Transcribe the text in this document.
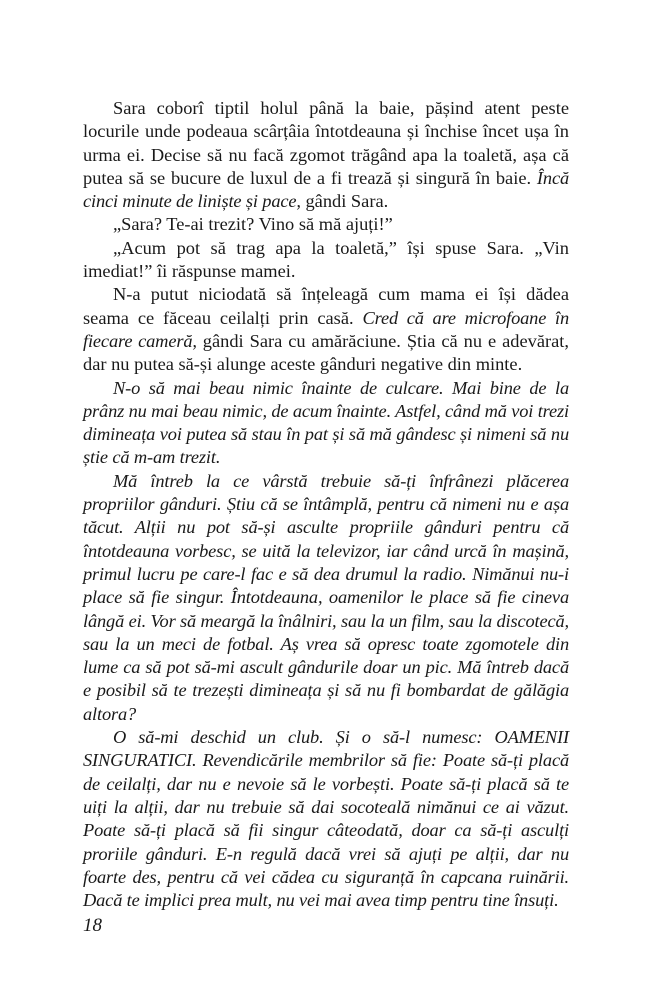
Sara coborî tiptil holul până la baie, pășind atent peste locurile unde podeaua scârțâia întotdeauna și închise încet ușa în urma ei. Decise să nu facă zgomot trăgând apa la toaletă, așa că putea să se bucure de luxul de a fi trează și singură în baie. Încă cinci minute de liniște și pace, gândi Sara.

„Sara? Te-ai trezit? Vino să mă ajuți!”

„Acum pot să trag apa la toaletă,” își spuse Sara. „Vin imediat!” îi răspunse mamei.

N-a putut niciodată să înțeleagă cum mama ei își dădea seama ce făceau ceilalți prin casă. Cred că are microfoane în fiecare cameră, gândi Sara cu amărăciune. Știa că nu e adevărat, dar nu putea să-și alunge aceste gânduri negative din minte.

N-o să mai beau nimic înainte de culcare. Mai bine de la prânz nu mai beau nimic, de acum înainte. Astfel, când mă voi trezi dimineața voi putea să stau în pat și să mă gândesc și nimeni să nu știe că m-am trezit.

Mă întreb la ce vârstă trebuie să-ți înfrânezi plăcerea propriilor gânduri. Știu că se întâmplă, pentru că nimeni nu e așa tăcut. Alții nu pot să-și asculte propriile gânduri pentru că întotdeauna vorbesc, se uită la televizor, iar când urcă în mașină, primul lucru pe care-l fac e să dea drumul la radio. Nimănui nu-i place să fie singur. Întotdeauna, oamenilor le place să fie cineva lângă ei. Vor să meargă la înâlniri, sau la un film, sau la discotecă, sau la un meci de fotbal. Aș vrea să opresc toate zgomotele din lume ca să pot să-mi ascult gândurile doar un pic. Mă întreb dacă e posibil să te trezești dimineața și să nu fi bombardat de gălăgia altora?

O să-mi deschid un club. Și o să-l numesc: OAMENII SINGURATICI. Revendicările membrilor să fie: Poate să-ți placă de ceilalți, dar nu e nevoie să le vorbești. Poate să-ți placă să te uiți la alții, dar nu trebuie să dai socoteală nimănui ce ai văzut. Poate să-ți placă să fii singur câteodată, doar ca să-ți asculți proriile gânduri. E-n regulă dacă vrei să ajuți pe alții, dar nu foarte des, pentru că vei cădea cu siguranță în capcana ruinării. Dacă te implici prea mult, nu vei mai avea timp pentru tine însuți.

18
